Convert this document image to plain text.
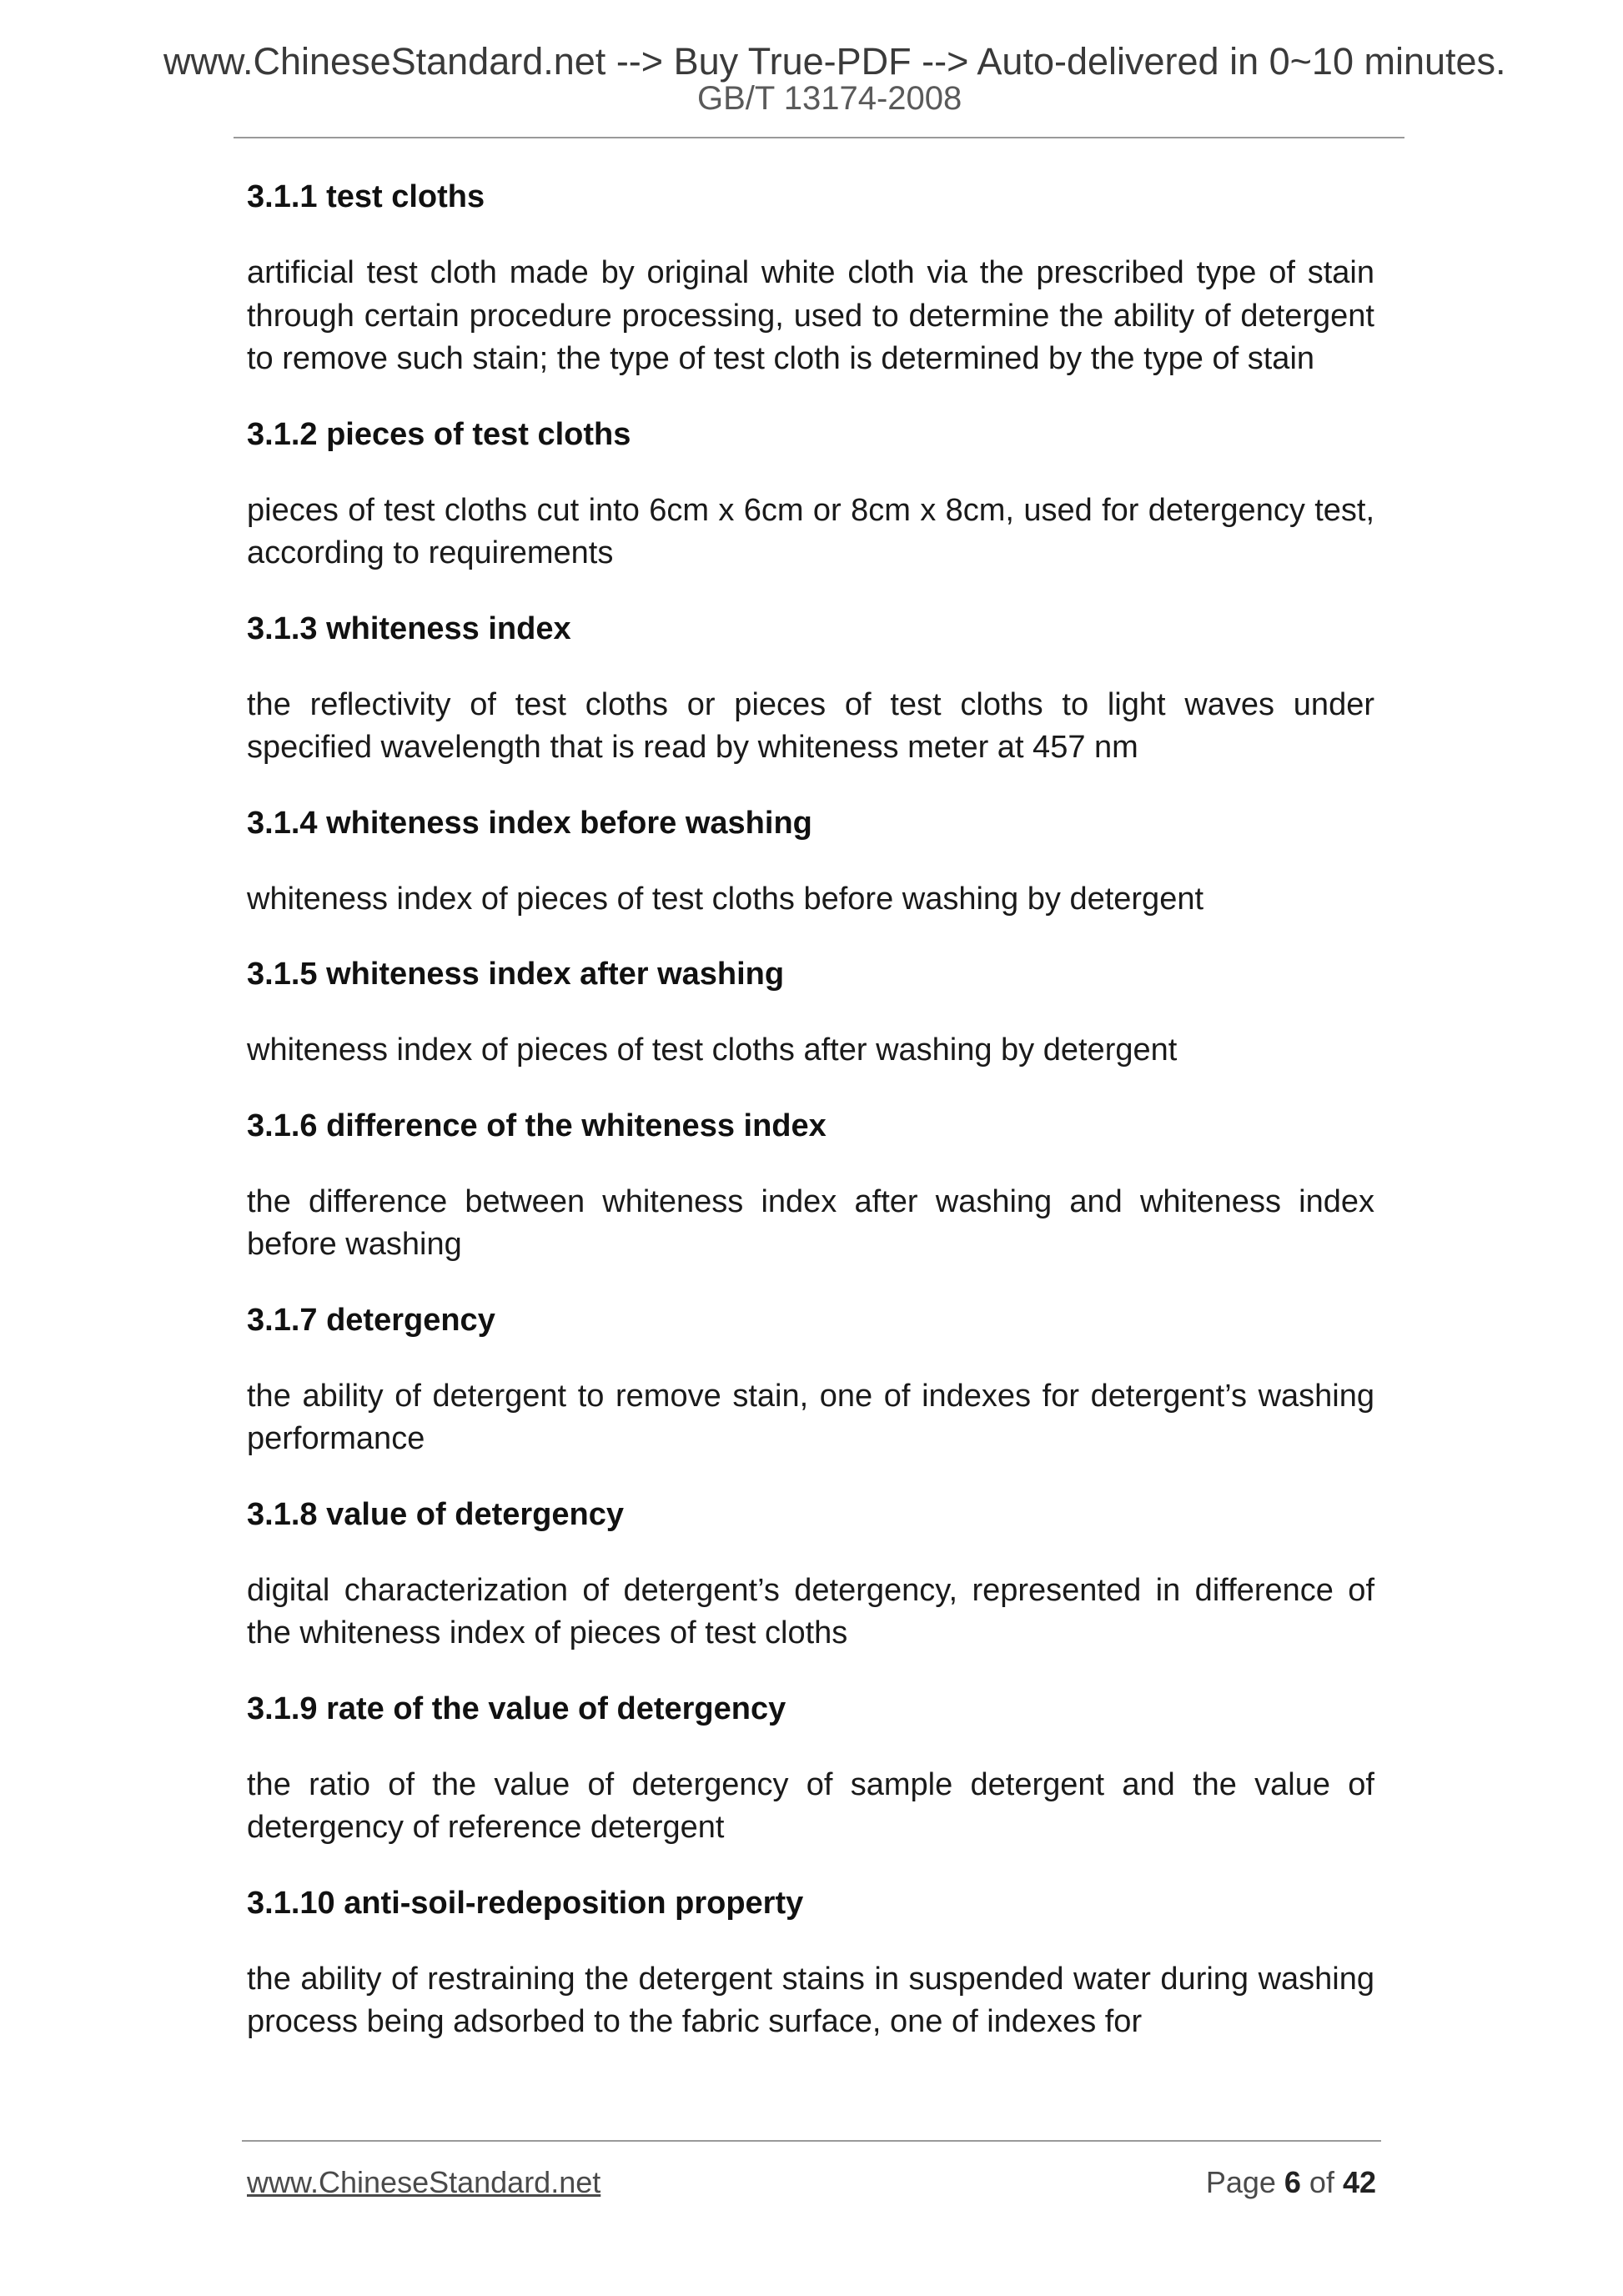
www.ChineseStandard.net --> Buy True-PDF --> Auto-delivered in 0~10 minutes.
GB/T 13174-2008
3.1.1 test cloths

artificial test cloth made by original white cloth via the prescribed type of stain through certain procedure processing, used to determine the ability of detergent to remove such stain; the type of test cloth is determined by the type of stain

3.1.2 pieces of test cloths

pieces of test cloths cut into 6cm x 6cm or 8cm x 8cm, used for detergency test, according to requirements

3.1.3 whiteness index

the reflectivity of test cloths or pieces of test cloths to light waves under specified wavelength that is read by whiteness meter at 457 nm

3.1.4 whiteness index before washing

whiteness index of pieces of test cloths before washing by detergent

3.1.5 whiteness index after washing

whiteness index of pieces of test cloths after washing by detergent

3.1.6 difference of the whiteness index

the difference between whiteness index after washing and whiteness index before washing

3.1.7 detergency

the ability of detergent to remove stain, one of indexes for detergent’s washing performance

3.1.8 value of detergency

digital characterization of detergent’s detergency, represented in difference of the whiteness index of pieces of test cloths

3.1.9 rate of the value of detergency

the ratio of the value of detergency of sample detergent and the value of detergency of reference detergent

3.1.10 anti-soil-redeposition property

the ability of restraining the detergent stains in suspended water during washing process being adsorbed to the fabric surface, one of indexes for

www.ChineseStandard.net	Page 6 of 42
